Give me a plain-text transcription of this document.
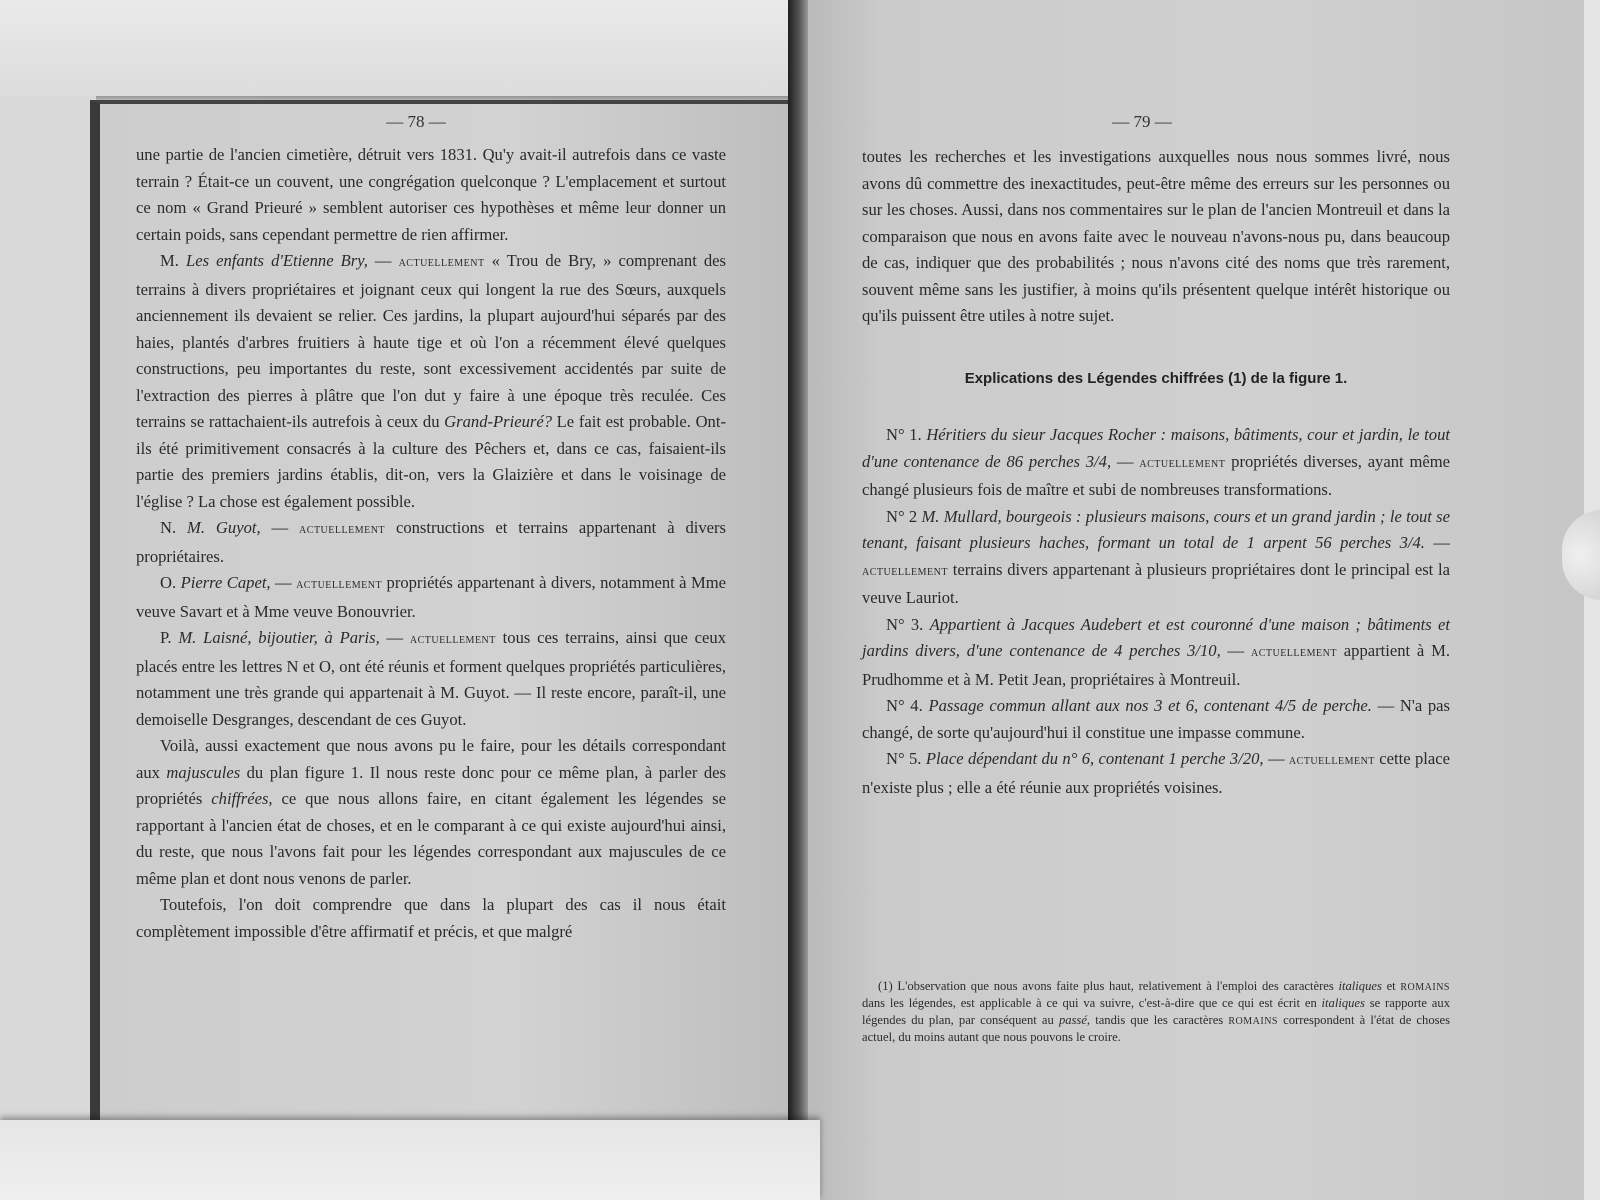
— 78 —	— 79 —

une partie de l'ancien cimetière, détruit vers 1831. Qu'y avait-il autrefois dans ce vaste terrain ? Était-ce un couvent, une congrégation quelconque ? L'emplacement et surtout ce nom « Grand Prieuré » semblent autoriser ces hypothèses et même leur donner un certain poids, sans cependant permettre de rien affirmer.

M. Les enfants d'Etienne Bry, — actuellement « Trou de Bry, » comprenant des terrains à divers propriétaires et joignant ceux qui longent la rue des Sœurs, auxquels anciennement ils devaient se relier. Ces jardins, la plupart aujourd'hui séparés par des haies, plantés d'arbres fruitiers à haute tige et où l'on a récemment élevé quelques constructions, peu importantes du reste, sont excessivement accidentés par suite de l'extraction des pierres à plâtre que l'on dut y faire à une époque très reculée. Ces terrains se rattachaient-ils autrefois à ceux du Grand-Prieuré? Le fait est probable. Ont-ils été primitivement consacrés à la culture des Pêchers et, dans ce cas, faisaient-ils partie des premiers jardins établis, dit-on, vers la Glaizière et dans le voisinage de l'église ? La chose est également possible.

N. M. Guyot, — actuellement constructions et terrains appartenant à divers propriétaires.

O. Pierre Capet, — actuellement propriétés appartenant à divers, notamment à Mme veuve Savart et à Mme veuve Bonouvrier.

P. M. Laisné, bijoutier, à Paris, — actuellement tous ces terrains, ainsi que ceux placés entre les lettres N et O, ont été réunis et forment quelques propriétés particulières, notamment une très grande qui appartenait à M. Guyot. — Il reste encore, paraît-il, une demoiselle Desgranges, descendant de ces Guyot.

Voilà, aussi exactement que nous avons pu le faire, pour les détails correspondant aux majuscules du plan figure 1. Il nous reste donc pour ce même plan, à parler des propriétés chiffrées, ce que nous allons faire, en citant également les légendes se rapportant à l'ancien état de choses, et en le comparant à ce qui existe aujourd'hui ainsi, du reste, que nous l'avons fait pour les légendes correspondant aux majuscules de ce même plan et dont nous venons de parler.

Toutefois, l'on doit comprendre que dans la plupart des cas il nous était complètement impossible d'être affirmatif et précis, et que malgré

toutes les recherches et les investigations auxquelles nous nous sommes livré, nous avons dû commettre des inexactitudes, peut-être même des erreurs sur les personnes ou sur les choses. Aussi, dans nos commentaires sur le plan de l'ancien Montreuil et dans la comparaison que nous en avons faite avec le nouveau n'avons-nous pu, dans beaucoup de cas, indiquer que des probabilités ; nous n'avons cité des noms que très rarement, souvent même sans les justifier, à moins qu'ils présentent quelque intérêt historique ou qu'ils puissent être utiles à notre sujet.

Explications des Légendes chiffrées (1) de la figure 1.

N° 1. Héritiers du sieur Jacques Rocher : maisons, bâtiments, cour et jardin, le tout d'une contenance de 86 perches 3/4, — actuellement propriétés diverses, ayant même changé plusieurs fois de maître et subi de nombreuses transformations.

N° 2 M. Mullard, bourgeois : plusieurs maisons, cours et un grand jardin ; le tout se tenant, faisant plusieurs haches, formant un total de 1 arpent 56 perches 3/4. — actuellement terrains divers appartenant à plusieurs propriétaires dont le principal est la veuve Lauriot.

N° 3. Appartient à Jacques Audebert et est couronné d'une maison ; bâtiments et jardins divers, d'une contenance de 4 perches 3/10, — actuellement appartient à M. Prudhomme et à M. Petit Jean, propriétaires à Montreuil.

N° 4. Passage commun allant aux nos 3 et 6, contenant 4/5 de perche. — N'a pas changé, de sorte qu'aujourd'hui il constitue une impasse commune.

N° 5. Place dépendant du n° 6, contenant 1 perche 3/20, — actuellement cette place n'existe plus ; elle a été réunie aux propriétés voisines.

(1) L'observation que nous avons faite plus haut, relativement à l'emploi des caractères italiques et romains dans les légendes, est applicable à ce qui va suivre, c'est-à-dire que ce qui est écrit en italiques se rapporte aux légendes du plan, par conséquent au passé, tandis que les caractères romains correspondent à l'état de choses actuel, du moins autant que nous pouvons le croire.
